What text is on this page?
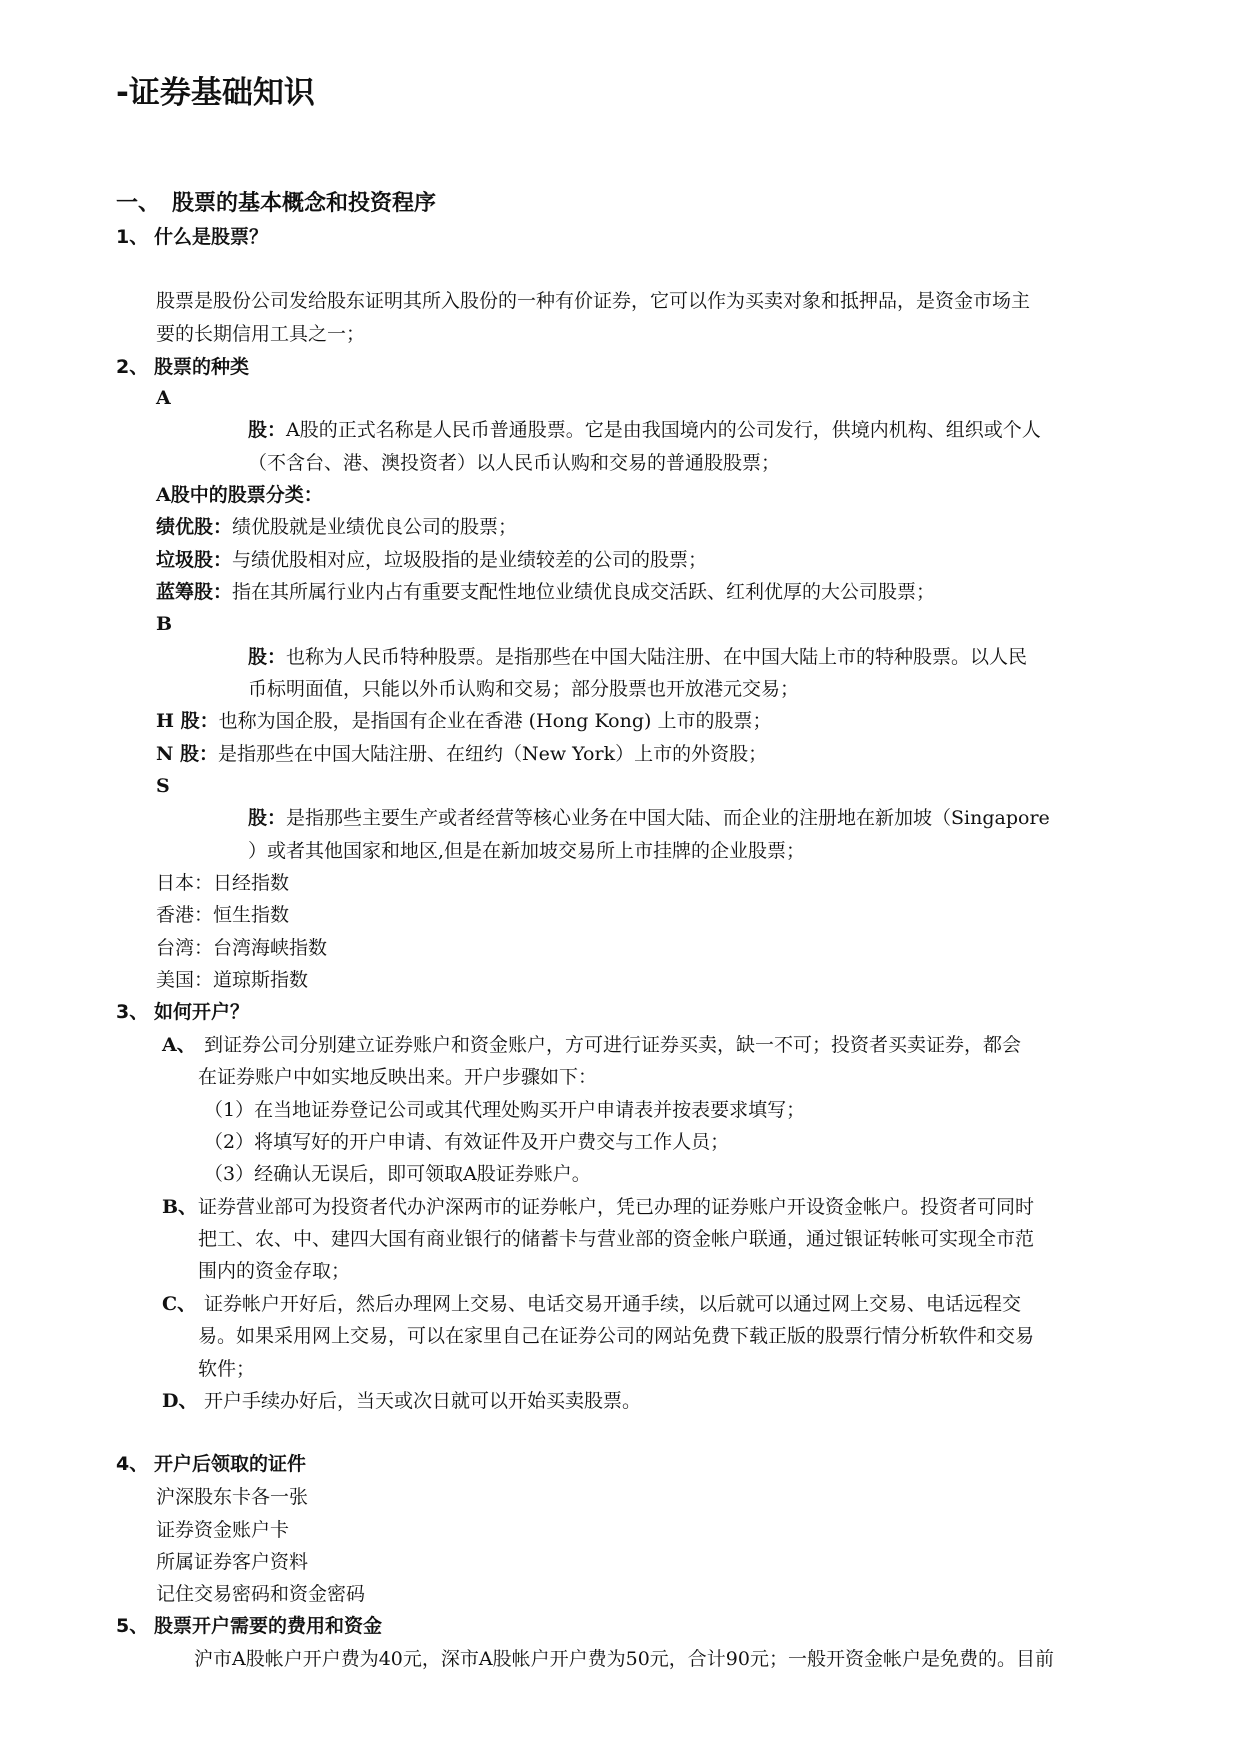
-证券基础知识
一、 股票的基本概念和投资程序
1、 什么是股票？
股票是股份公司发给股东证明其所入股份的一种有价证券，它可以作为买卖对象和抵押品，是资金市场主
要的长期信用工具之一；
2、 股票的种类
A
股：A股的正式名称是人民币普通股票。它是由我国境内的公司发行，供境内机构、组织或个人
（不含台、港、澳投资者）以人民币认购和交易的普通股股票；
A股中的股票分类：
绩优股：绩优股就是业绩优良公司的股票；
垃圾股：与绩优股相对应，垃圾股指的是业绩较差的公司的股票；
蓝筹股：指在其所属行业内占有重要支配性地位业绩优良成交活跃、红利优厚的大公司股票；
B
股：也称为人民币特种股票。是指那些在中国大陆注册、在中国大陆上市的特种股票。以人民
币标明面值，只能以外币认购和交易；部分股票也开放港元交易；
H 股：也称为国企股，是指国有企业在香港 (Hong Kong) 上市的股票；
N 股：是指那些在中国大陆注册、在纽约（New York）上市的外资股；
S
股：是指那些主要生产或者经营等核心业务在中国大陆、而企业的注册地在新加坡（Singapore
）或者其他国家和地区,但是在新加坡交易所上市挂牌的企业股票；
日本：日经指数
香港：恒生指数
台湾：台湾海峡指数
美国：道琼斯指数
3、 如何开户？
A、 到证券公司分别建立证券账户和资金账户，方可进行证券买卖，缺一不可；投资者买卖证券，都会
在证券账户中如实地反映出来。开户步骤如下：
（1）在当地证券登记公司或其代理处购买开户申请表并按表要求填写；
（2）将填写好的开户申请、有效证件及开户费交与工作人员；
（3）经确认无误后，即可领取A股证券账户。
B、证券营业部可为投资者代办沪深两市的证券帐户，凭已办理的证券账户开设资金帐户。投资者可同时
把工、农、中、建四大国有商业银行的储蓄卡与营业部的资金帐户联通，通过银证转帐可实现全市范
围内的资金存取；
C、 证券帐户开好后，然后办理网上交易、电话交易开通手续，以后就可以通过网上交易、电话远程交
易。如果采用网上交易，可以在家里自己在证券公司的网站免费下载正版的股票行情分析软件和交易
软件；
D、 开户手续办好后，当天或次日就可以开始买卖股票。
4、 开户后领取的证件
沪深股东卡各一张
证券资金账户卡
所属证券客户资料
记住交易密码和资金密码
5、 股票开户需要的费用和资金
沪市A股帐户开户费为40元，深市A股帐户开户费为50元，合计90元；一般开资金帐户是免费的。目前
